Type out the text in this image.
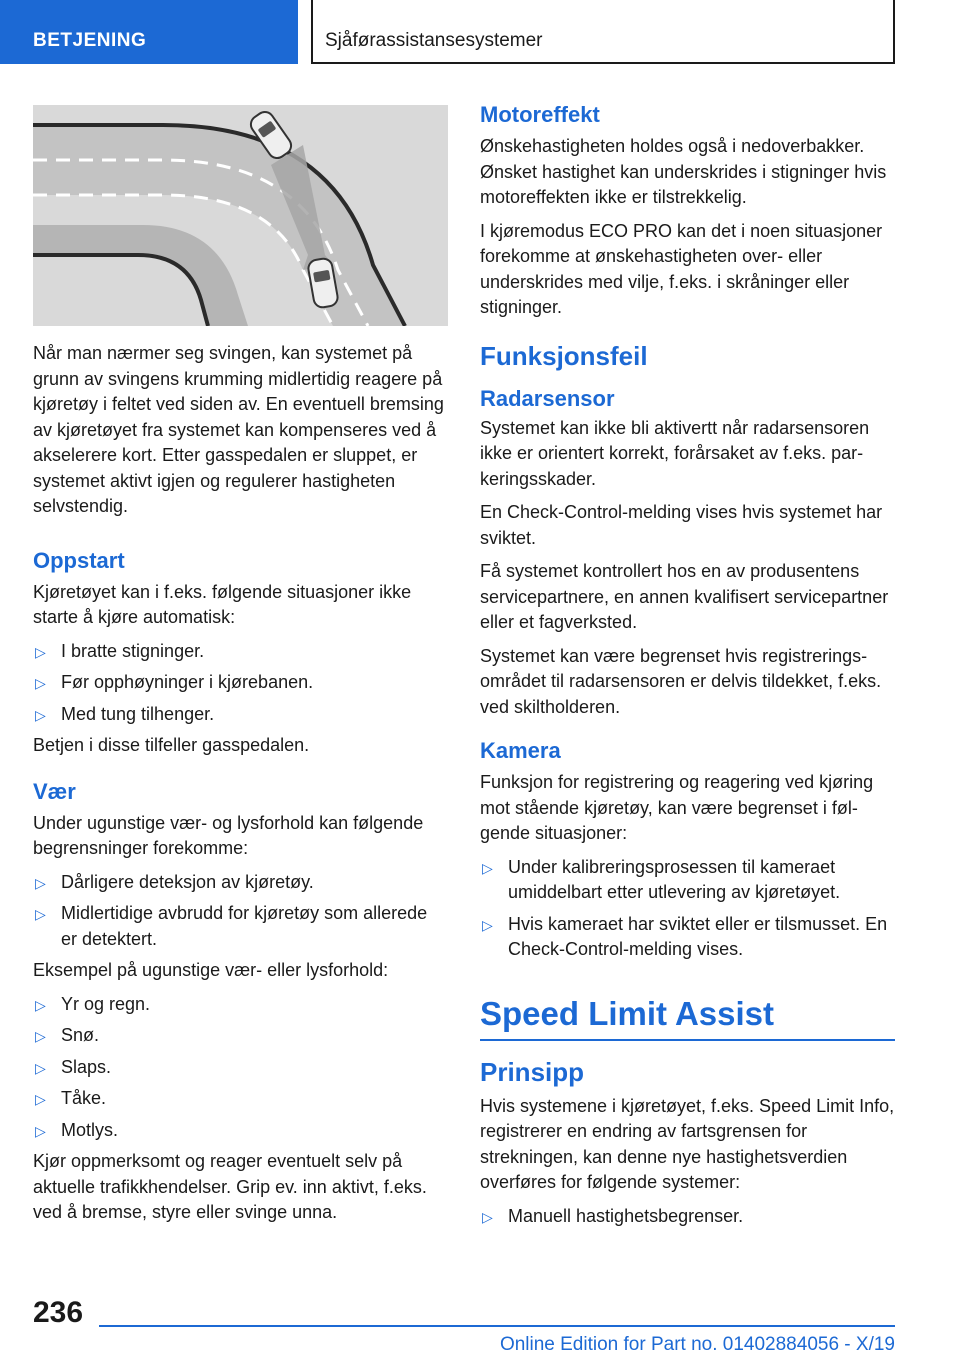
BETJENING	Sjåførassistansesystemer

Når man nærmer seg svingen, kan systemet på grunn av svingens krumming midlertidig reagere på kjøretøy i feltet ved siden av. En eventuell bremsing av kjøretøyet fra systemet kan kompenseres ved å akselerere kort. Etter gasspedalen er sluppet, er systemet aktivt igjen og regulerer hastigheten selvstendig.

Oppstart

Kjøretøyet kan i f.eks. følgende situasjoner ikke starte å kjøre automatisk:

▷ I bratte stigninger.
▷ Før opphøyninger i kjørebanen.
▷ Med tung tilhenger.

Betjen i disse tilfeller gasspedalen.

Vær

Under ugunstige vær- og lysforhold kan følgende begrensninger forekomme:

▷ Dårligere deteksjon av kjøretøy.
▷ Midlertidige avbrudd for kjøretøy som allerede er detektert.

Eksempel på ugunstige vær- eller lysforhold:

▷ Yr og regn.
▷ Snø.
▷ Slaps.
▷ Tåke.
▷ Motlys.

Kjør oppmerksomt og reager eventuelt selv på aktuelle trafikkhendelser. Grip ev. inn aktivt, f.eks. ved å bremse, styre eller svinge unna.

Motoreffekt

Ønskehastigheten holdes også i nedoverbakker. Ønsket hastighet kan underskrides i stigninger hvis motoreffekten ikke er tilstrekkelig.

I kjøremodus ECO PRO kan det i noen situasjoner forekomme at ønskehastigheten over- eller underskrides med vilje, f.eks. i skråninger eller stigninger.

Funksjonsfeil
Radarsensor

Systemet kan ikke bli aktivertt når radarsensoren ikke er orientert korrekt, forårsaket av f.eks. parkeringsskader.

En Check-Control-melding vises hvis systemet har sviktet.

Få systemet kontrollert hos en av produsentens servicepartnere, en annen kvalifisert servicepartner eller et fagverksted.

Systemet kan være begrenset hvis registreringsområdet til radarsensoren er delvis tildekket, f.eks. ved skiltholderen.

Kamera

Funksjon for registrering og reagering ved kjøring mot stående kjøretøy, kan være begrenset i følgende situasjoner:

▷ Under kalibreringsprosessen til kameraet umiddelbart etter utlevering av kjøretøyet.
▷ Hvis kameraet har sviktet eller er tilsmusset. En Check-Control-melding vises.
Speed Limit Assist
Prinsipp

Hvis systemene i kjøretøyet, f.eks. Speed Limit Info, registrerer en endring av fartsgrensen for strekningen, kan denne nye hastighetsverdien overføres for følgende systemer:

▷ Manuell hastighetsbegrenser.
236
Online Edition for Part no. 01402884056 - X/19
